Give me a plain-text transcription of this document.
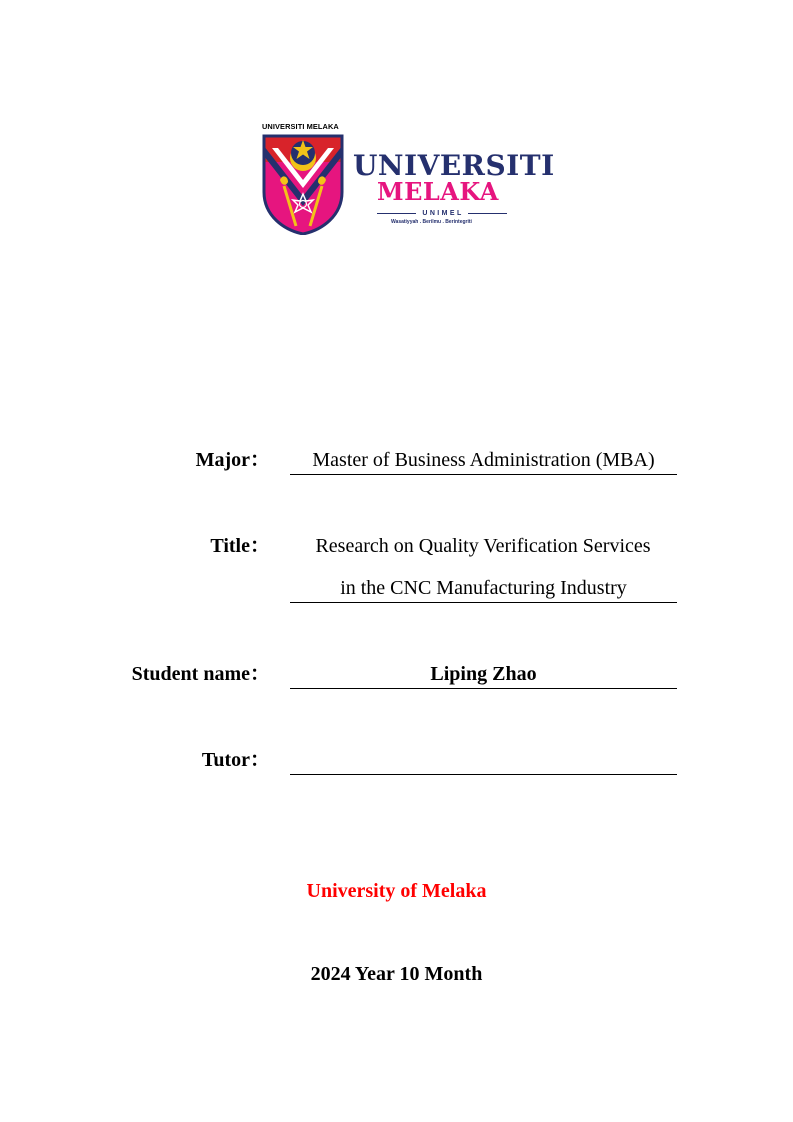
UNIVERSITI MELAKA
UNIVERSITI
MELAKA
UNIMEL
Wasatiyyah . Berilmu . Berintegriti
Major：	Master of Business Administration (MBA)
Title：	Research on Quality Verification Services
in the CNC Manufacturing Industry
Student name：	Liping Zhao
Tutor：
University of Melaka
2024 Year 10 Month
